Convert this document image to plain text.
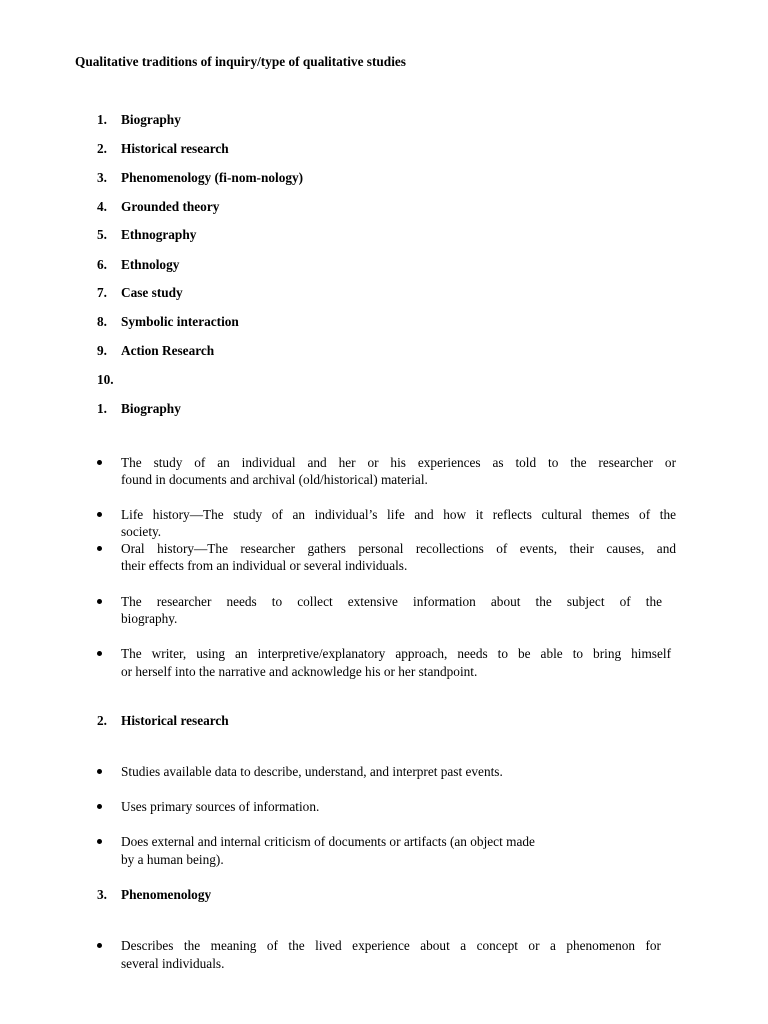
Qualitative traditions of inquiry/type of qualitative studies
1. Biography
2. Historical research
3. Phenomenology (fi-nom-nology)
4. Grounded theory
5. Ethnography
6. Ethnology
7. Case study
8. Symbolic interaction
9. Action Research
10.
1. Biography
The study of an individual and her or his experiences as told to the researcher or
found in documents and archival (old/historical) material.
Life history—The study of an individual’s life and how it reflects cultural themes of the
society.
Oral history—The researcher gathers personal recollections of events, their causes, and
their effects from an individual or several individuals.
The researcher needs to collect extensive information about the subject of the
biography.
The writer, using an interpretive/explanatory approach, needs to be able to bring himself
or herself into the narrative and acknowledge his or her standpoint.
2. Historical research
Studies available data to describe, understand, and interpret past events.
Uses primary sources of information.
Does external and internal criticism of documents or artifacts (an object made
by a human being).
3. Phenomenology
Describes the meaning of the lived experience about a concept or a phenomenon for
several individuals.
